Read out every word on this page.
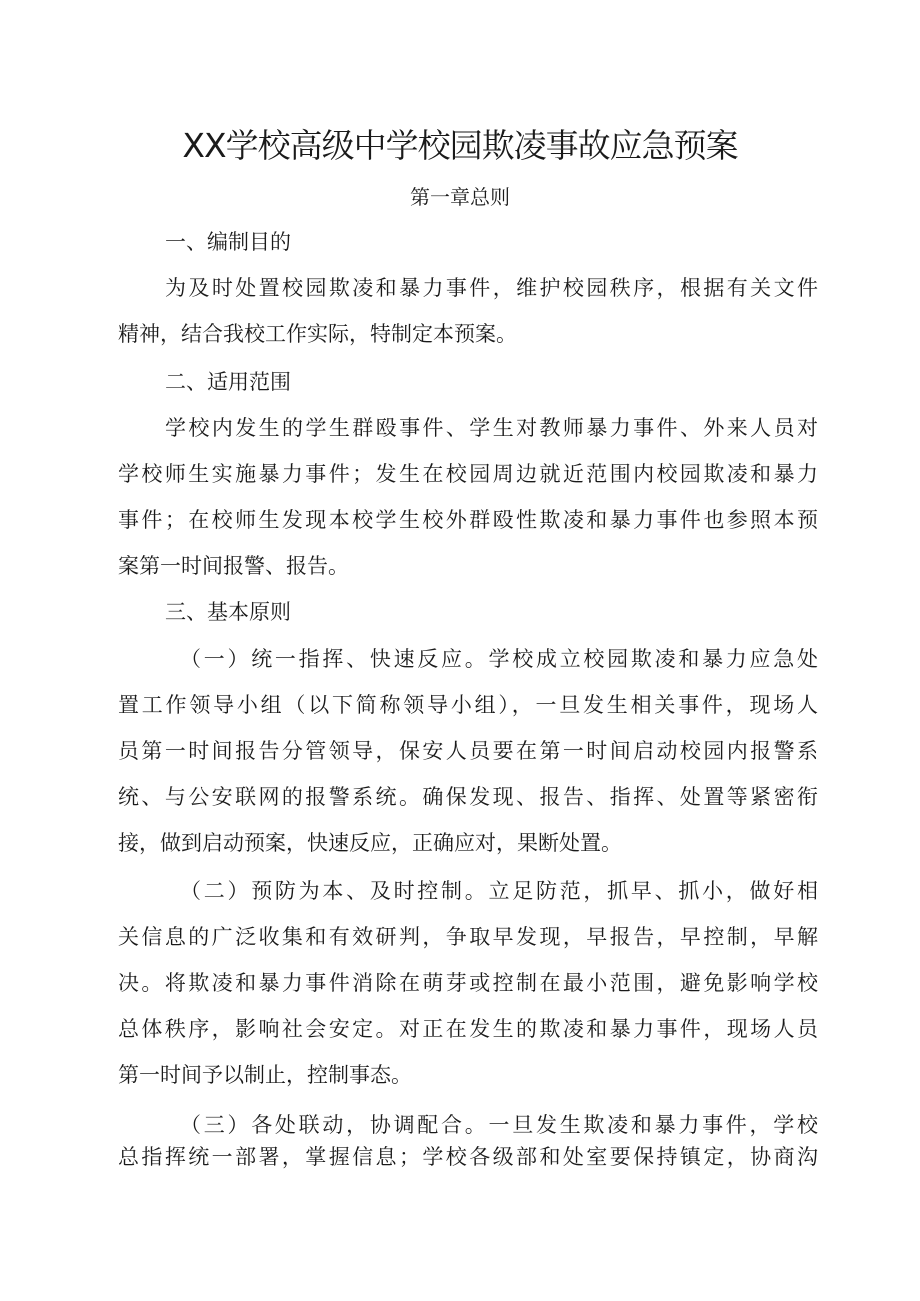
XX学校高级中学校园欺凌事故应急预案
第一章总则

一、编制目的

为及时处置校园欺凌和暴力事件，维护校园秩序，根据有关文件

精神，结合我校工作实际，特制定本预案。

二、适用范围

学校内发生的学生群殴事件、学生对教师暴力事件、外来人员对

学校师生实施暴力事件；发生在校园周边就近范围内校园欺凌和暴力

事件；在校师生发现本校学生校外群殴性欺凌和暴力事件也参照本预

案第一时间报警、报告。

三、基本原则

（一）统一指挥、快速反应。学校成立校园欺凌和暴力应急处

置工作领导小组（以下简称领导小组），一旦发生相关事件，现场人

员第一时间报告分管领导，保安人员要在第一时间启动校园内报警系

统、与公安联网的报警系统。确保发现、报告、指挥、处置等紧密衔

接，做到启动预案，快速反应，正确应对，果断处置。

（二）预防为本、及时控制。立足防范，抓早、抓小，做好相

关信息的广泛收集和有效研判，争取早发现，早报告，早控制，早解

决。将欺凌和暴力事件消除在萌芽或控制在最小范围，避免影响学校

总体秩序，影响社会安定。对正在发生的欺凌和暴力事件，现场人员

第一时间予以制止，控制事态。

（三）各处联动，协调配合。一旦发生欺凌和暴力事件，学校

总指挥统一部署，掌握信息；学校各级部和处室要保持镇定，协商沟
